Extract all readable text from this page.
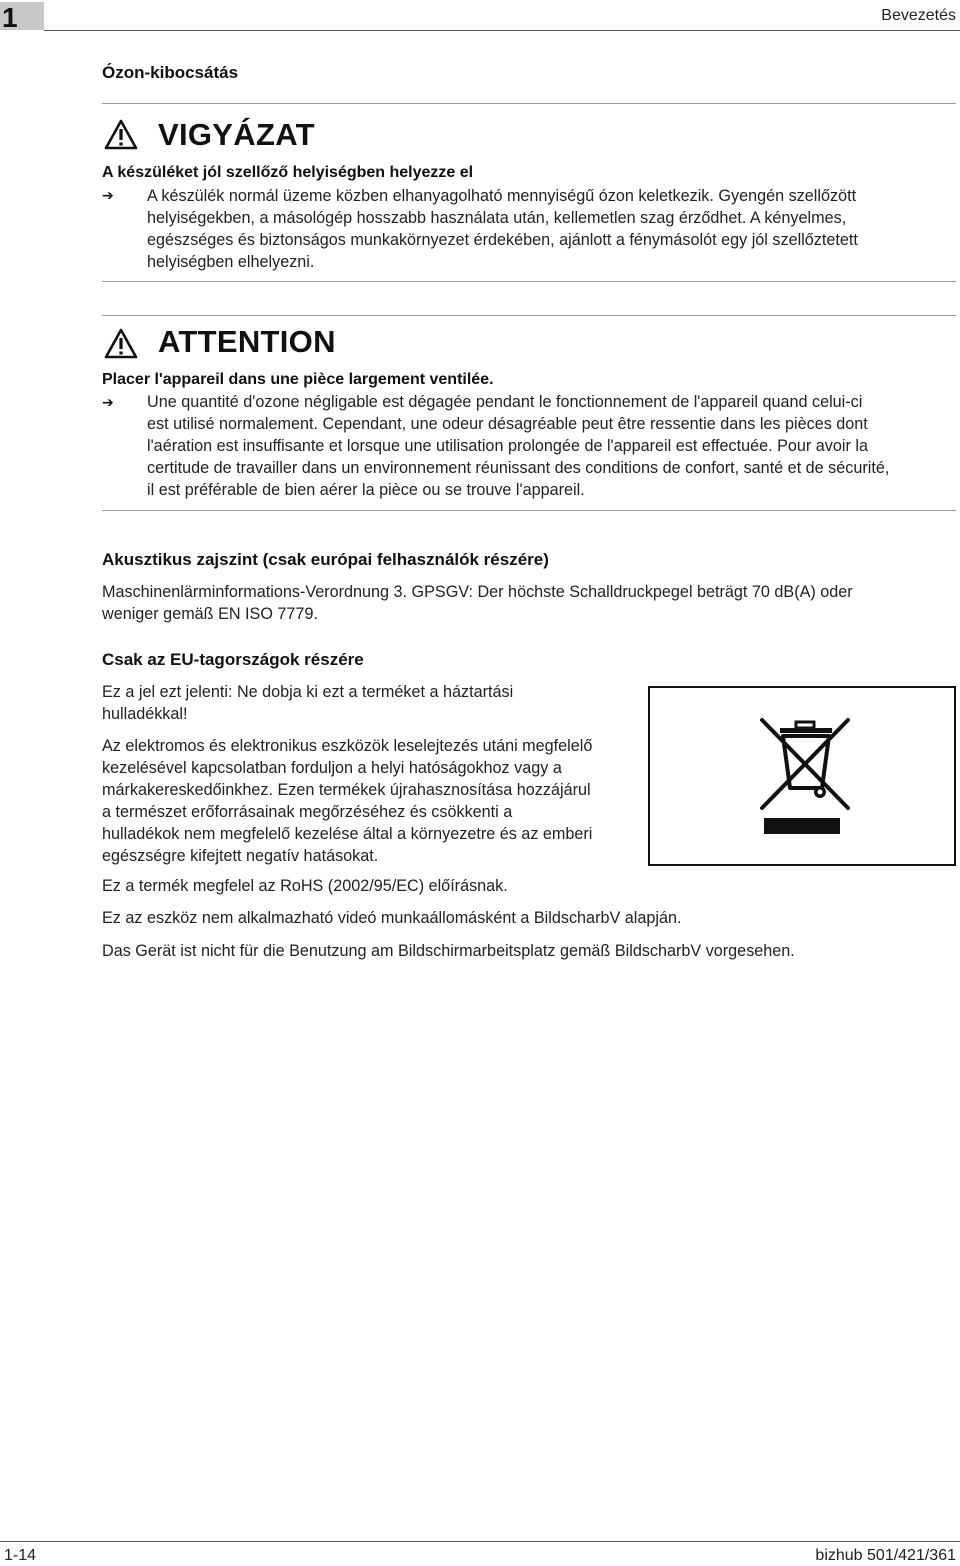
1	Bevezetés
Ózon-kibocsátás
VIGYÁZAT
A készüléket jól szellőző helyiségben helyezze el
➔ A készülék normál üzeme közben elhanyagolható mennyiségű ózon keletkezik. Gyengén szellőzött
helyiségekben, a másológép hosszabb használata után, kellemetlen szag érződhet. A kényelmes,
egészséges és biztonságos munkakörnyezet érdekében, ajánlott a fénymásolót egy jól szellőztetett
helyiségben elhelyezni.
ATTENTION
Placer l'appareil dans une pièce largement ventilée.
➔ Une quantité d'ozone négligable est dégagée pendant le fonctionnement de l'appareil quand celui-ci
est utilisé normalement. Cependant, une odeur désagréable peut être ressentie dans les pièces dont
l'aération est insuffisante et lorsque une utilisation prolongée de l'appareil est effectuée. Pour avoir la
certitude de travailler dans un environnement réunissant des conditions de confort, santé et de sécurité,
il est préférable de bien aérer la pièce ou se trouve l'appareil.
Akusztikus zajszint (csak európai felhasználók részére)
Maschinenlärminformations-Verordnung 3. GPSGV: Der höchste Schalldruckpegel beträgt 70 dB(A) oder
weniger gemäß EN ISO 7779.
Csak az EU-tagországok részére
Ez a jel ezt jelenti: Ne dobja ki ezt a terméket a háztartási
hulladékkal!
Az elektromos és elektronikus eszközök leselejtezés utáni megfelelő
kezelésével kapcsolatban forduljon a helyi hatóságokhoz vagy a
márkakereskedőinkhez. Ezen termékek újrahasznosítása hozzájárul
a természet erőforrásainak megőrzéséhez és csökkenti a
hulladékok nem megfelelő kezelése által a környezetre és az emberi
egészségre kifejtett negatív hatásokat.
Ez a termék megfelel az RoHS (2002/95/EC) előírásnak.
Ez az eszköz nem alkalmazható videó munkaállomásként a BildscharbV alapján.
Das Gerät ist nicht für die Benutzung am Bildschirmarbeitsplatz gemäß BildscharbV vorgesehen.
1-14	bizhub 501/421/361
